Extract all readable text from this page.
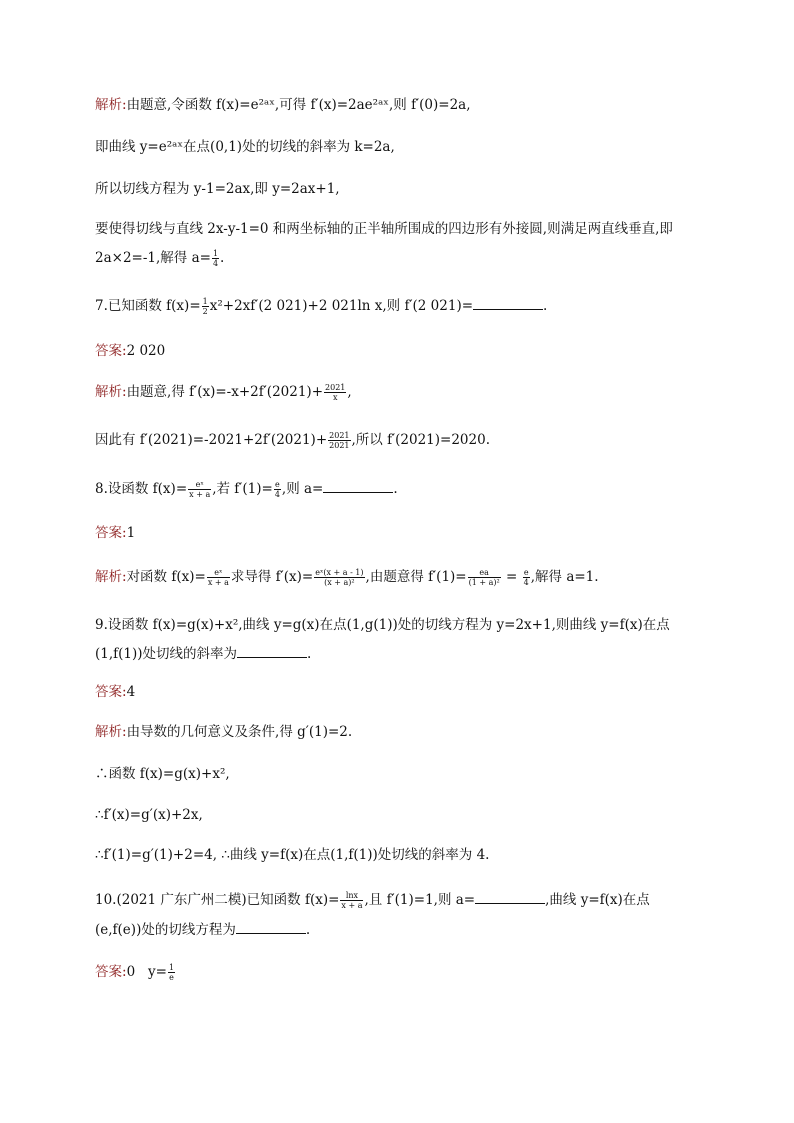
解析:由题意,令函数 f(x)=e²ᵃˣ,可得 f′(x)=2ae²ᵃˣ,则 f′(0)=2a,
即曲线 y=e²ᵃˣ在点(0,1)处的切线的斜率为 k=2a,
所以切线方程为 y-1=2ax,即 y=2ax+1,
要使得切线与直线 2x-y-1=0 和两坐标轴的正半轴所围成的四边形有外接圆,则满足两直线垂直,即
2a×2=-1,解得 $a= \frac{1}{4}$ .
7.已知函数 $f(x)= \frac{1}{2} x^2+2xf'(2$ 021)+2 021ln x,则 f′(2 021)=	.
答案:2 020
解析:由题意,得 $f'(x)=-x+2f'(2021)+ \frac{2021}{x}$ ,
因此有 $f'(2021)=-2021+2f'(2021)+ \frac{2021}{2021}$ ,所以 f′(2021)=2020.
8.设函数 $f(x)= \frac{\text{eˣ}}{x + a}$ ,若 $f'(1)= \frac{e}{4}$ ,则 a=	.
答案:1
解析:对函数 $f(x)= \frac{\text{eˣ}}{x + a}$ 求导得 $f'(x)= \frac{\text{eˣ(x + a - 1)}}{\text{(x + a)²}}$ ,由题意得 $f'(1)= \frac{ea}{\text{(1 + a)²}} = \frac{e}{4}$ ,解得 a=1.
9.设函数 f(x)=g(x)+x²,曲线 y=g(x)在点(1,g(1))处的切线方程为 y=2x+1,则曲线 y=f(x)在点
(1,f(1))处切线的斜率为	.
答案:4
解析:由导数的几何意义及条件,得 g′(1)=2.
∴函数 f(x)=g(x)+x²,
∴f′(x)=g′(x)+2x,
∴f′(1)=g′(1)+2=4, ∴曲线 y=f(x)在点(1,f(1))处切线的斜率为 4.
10.(2021 广东广州二模)已知函数 $f(x)= \frac{\ln x}{x + a}$ ,且 f′(1)=1,则 a=	,曲线 y=f(x)在点
(e,f(e))处的切线方程为	.
答案:0 $y= \frac{1}{e}$
